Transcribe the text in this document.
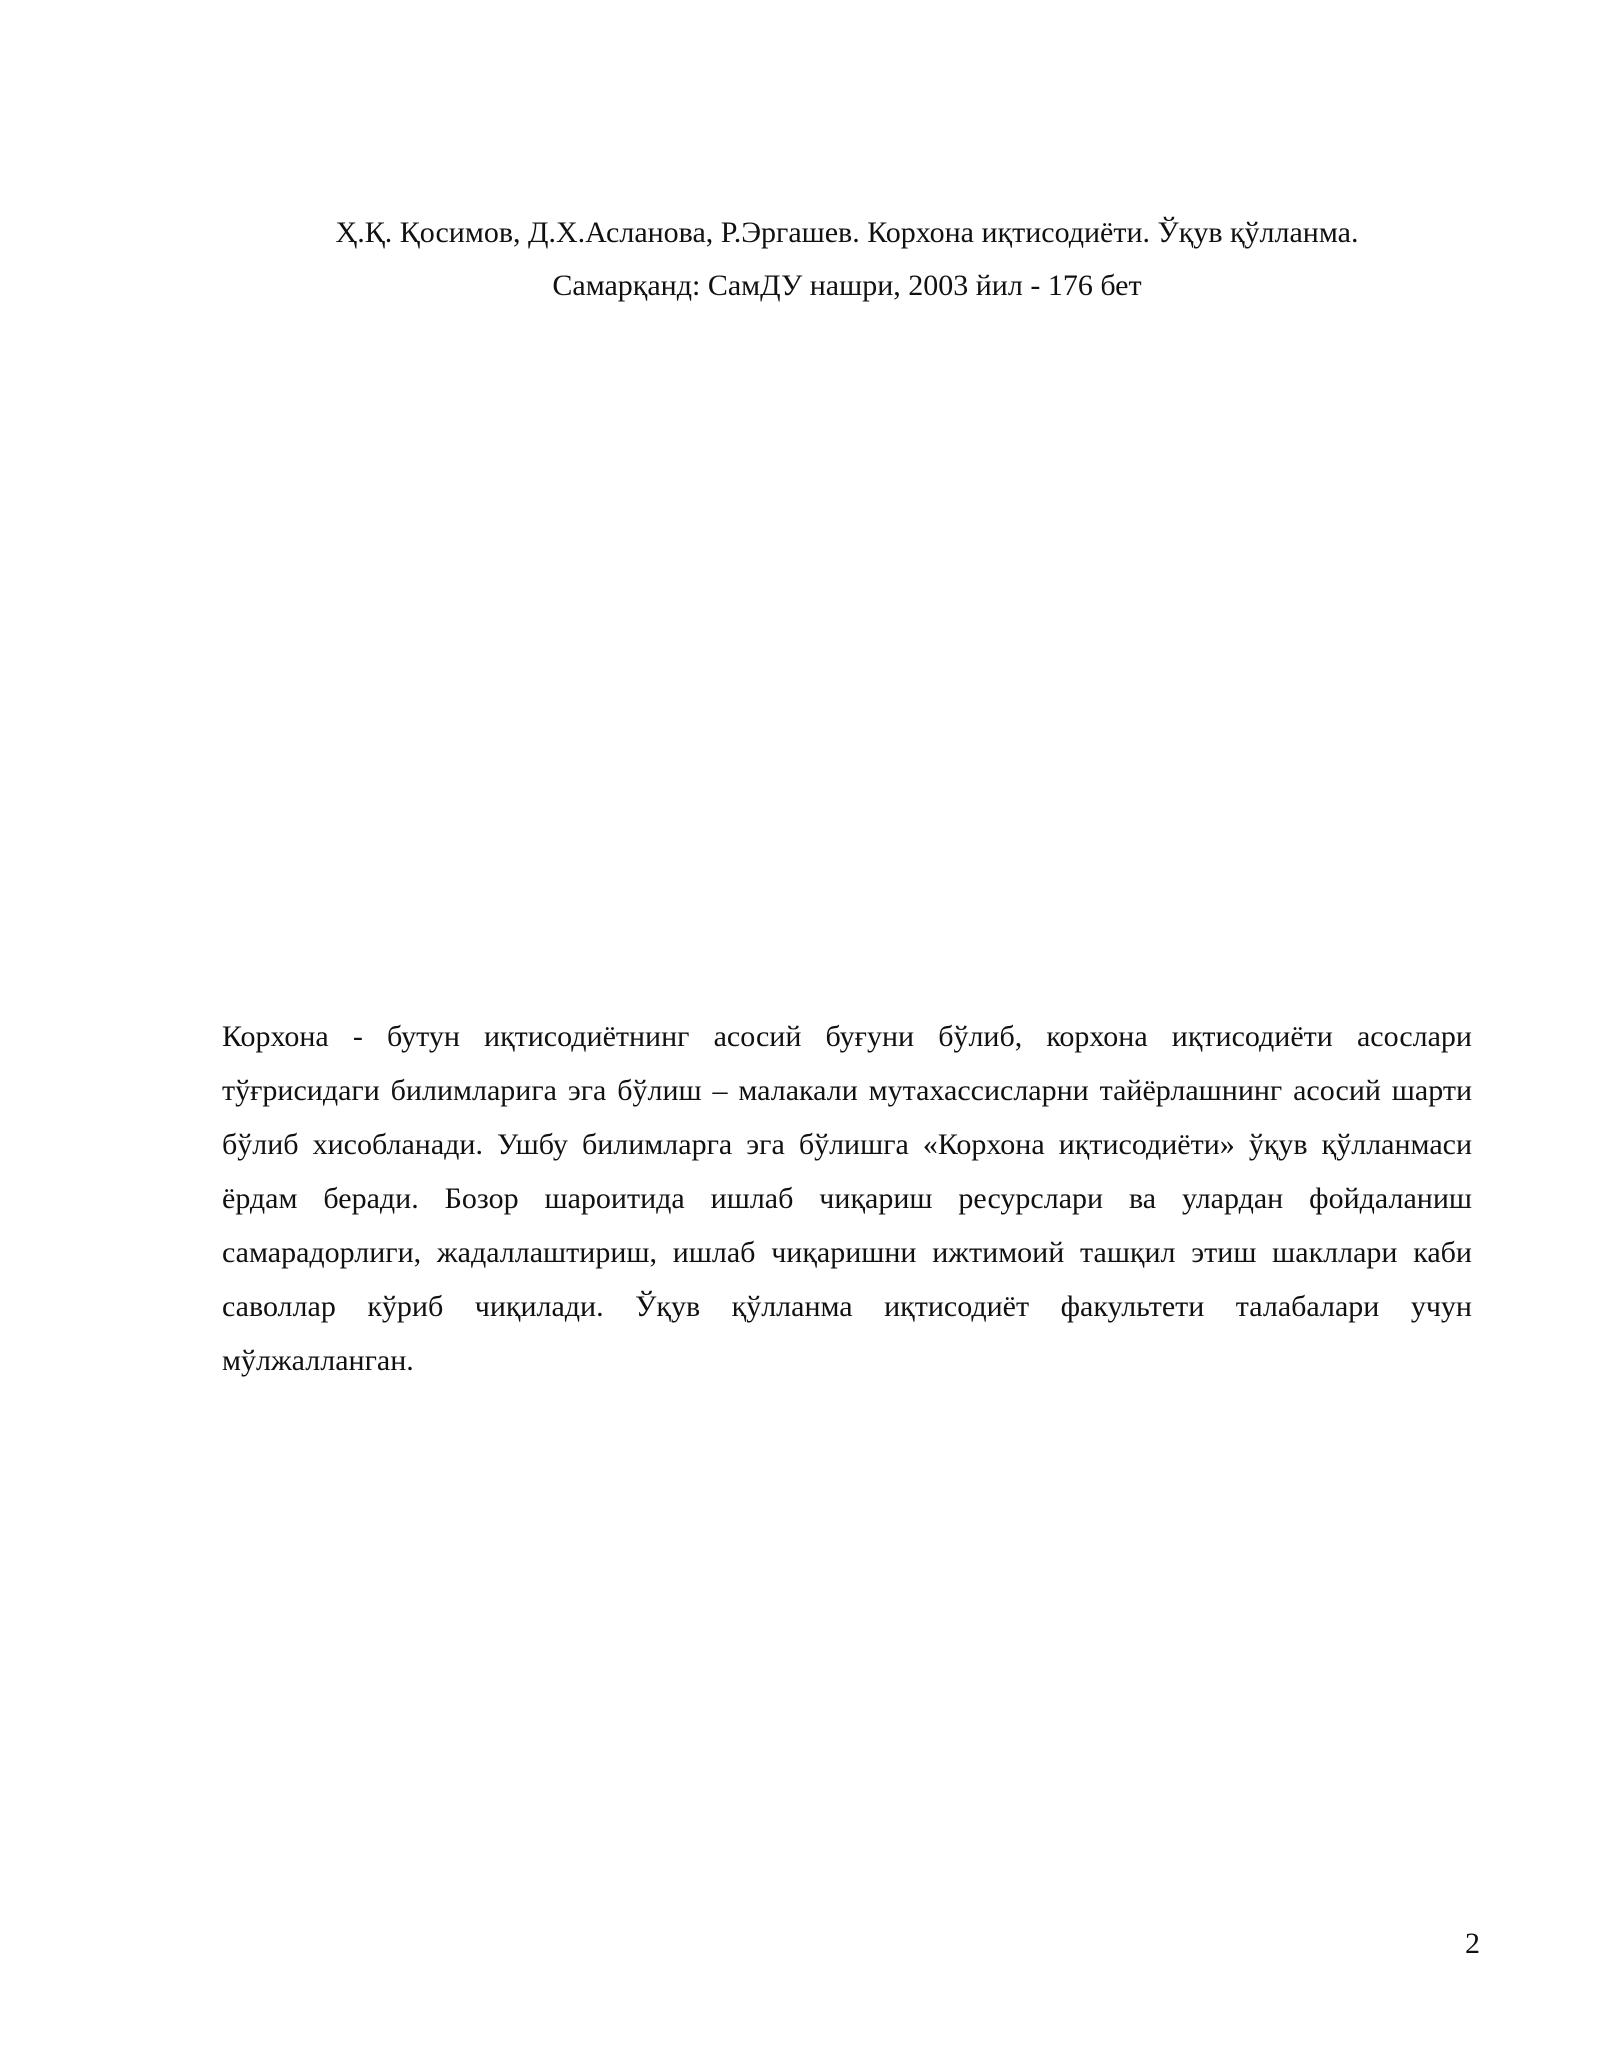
Ҳ.Қ. Қосимов, Д.Х.Асланова, Р.Эргашев. Корхона иқтисодиёти. Ўқув қўлланма.
Самарқанд: СамДУ нашри, 2003 йил - 176 бет

Корхона - бутун иқтисодиётнинг асосий буғуни бўлиб, корхона иқтисодиёти асослари тўғрисидаги билимларига эга бўлиш – малакали мутахассисларни тайёрлашнинг асосий шарти бўлиб хисобланади. Ушбу билимларга эга бўлишга «Корхона иқтисодиёти» ўқув қўлланмаси ёрдам беради. Бозор шароитида ишлаб чиқариш ресурслари ва улардан фойдаланиш самарадорлиги, жадаллаштириш, ишлаб чиқаришни ижтимоий ташқил этиш шакллари каби саволлар кўриб чиқилади. Ўқув қўлланма иқтисодиёт факультети талабалари учун мўлжалланган.

2
